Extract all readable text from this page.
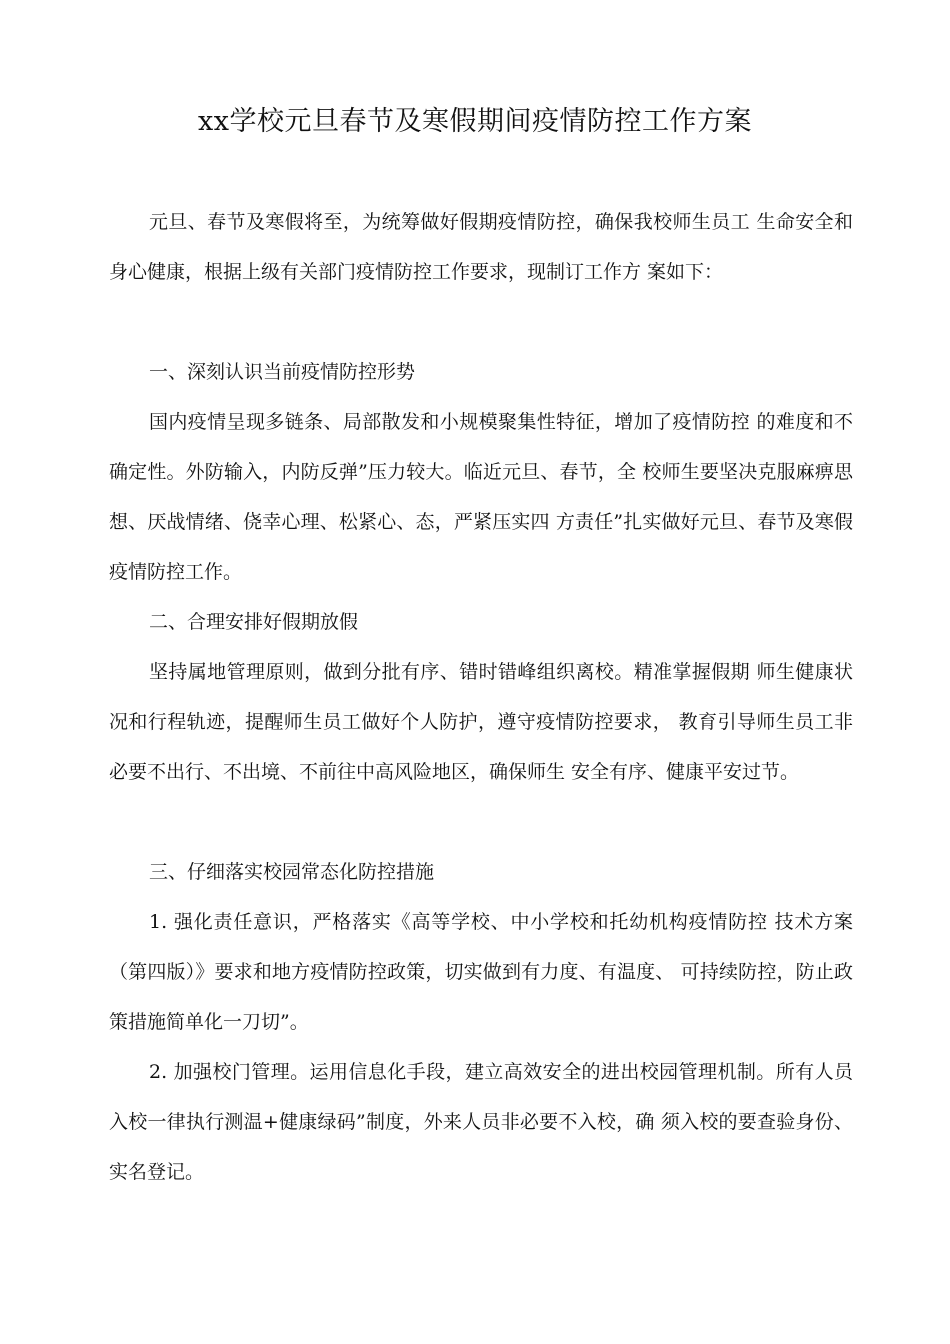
xx学校元旦春节及寒假期间疫情防控工作方案

元旦、春节及寒假将至，为统筹做好假期疫情防控，确保我校师生员工 生命安全和身心健康，根据上级有关部门疫情防控工作要求，现制订工作方 案如下：

一、深刻认识当前疫情防控形势

国内疫情呈现多链条、局部散发和小规模聚集性特征，增加了疫情防控 的难度和不确定性。外防输入，内防反弹”压力较大。临近元旦、春节，全 校师生要坚决克服麻痹思想、厌战情绪、侥幸心理、松紧心、态，严紧压实四 方责任”扎实做好元旦、春节及寒假疫情防控工作。

二、合理安排好假期放假

坚持属地管理原则，做到分批有序、错时错峰组织离校。精准掌握假期 师生健康状况和行程轨迹，提醒师生员工做好个人防护，遵守疫情防控要求， 教育引导师生员工非必要不出行、不出境、不前往中高风险地区，确保师生 安全有序、健康平安过节。

三、仔细落实校园常态化防控措施

1. 强化责任意识，严格落实《高等学校、中小学校和托幼机构疫情防控 技术方案（第四版）》要求和地方疫情防控政策，切实做到有力度、有温度、 可持续防控，防止政策措施简单化一刀切”。

2. 加强校门管理。运用信息化手段，建立高效安全的进出校园管理机制。所有人员入校一律执行测温+健康绿码”制度，外来人员非必要不入校，确 须入校的要查验身份、实名登记。
